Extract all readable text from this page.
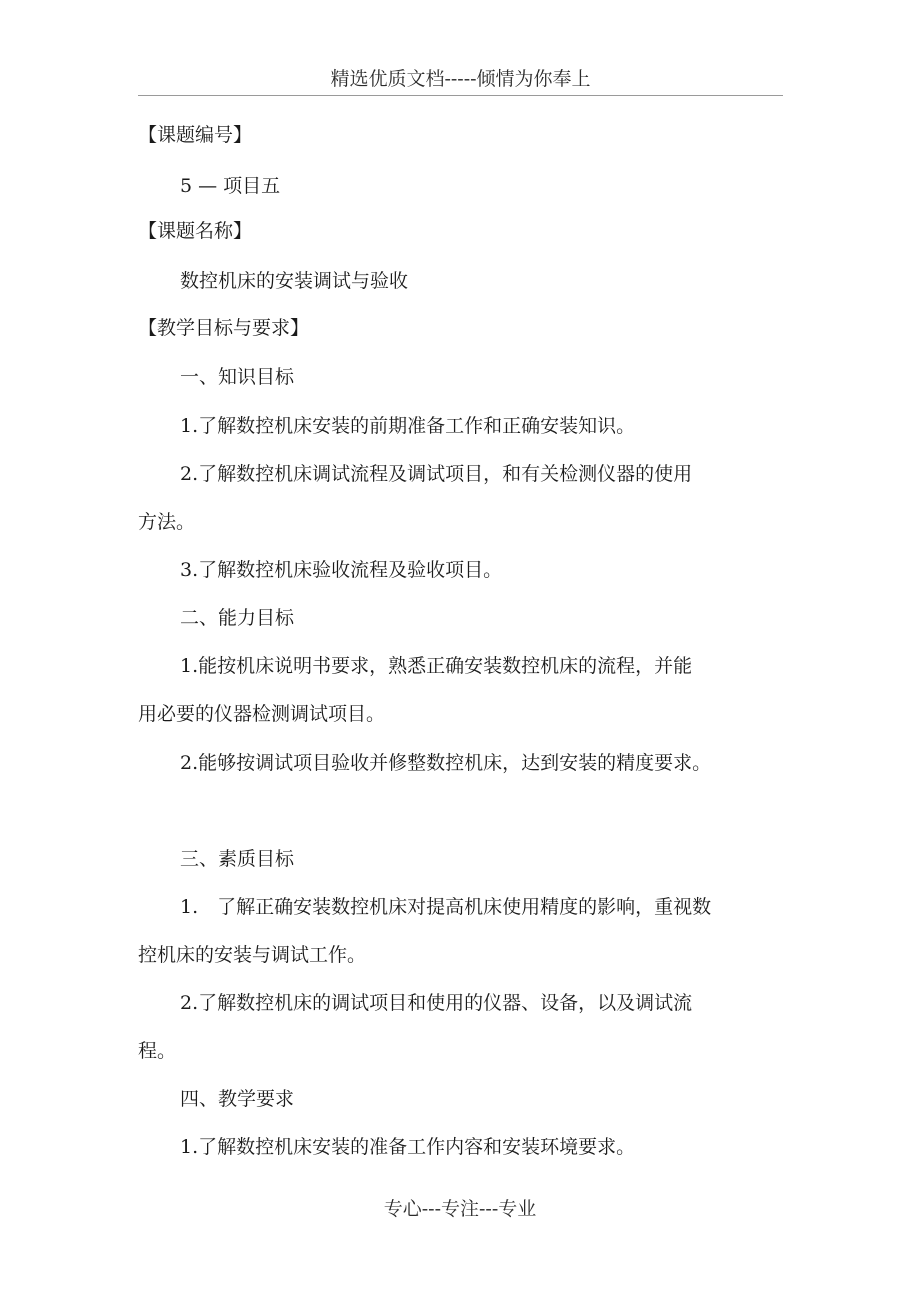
精选优质文档-----倾情为你奉上
【课题编号】
5 — 项目五
【课题名称】
数控机床的安装调试与验收
【教学目标与要求】
一、知识目标
1.了解数控机床安装的前期准备工作和正确安装知识。
2.了解数控机床调试流程及调试项目，和有关检测仪器的使用
方法。
3.了解数控机床验收流程及验收项目。
二、能力目标
1.能按机床说明书要求，熟悉正确安装数控机床的流程，并能
用必要的仪器检测调试项目。
2.能够按调试项目验收并修整数控机床，达到安装的精度要求。
三、素质目标
1.　了解正确安装数控机床对提高机床使用精度的影响，重视数
控机床的安装与调试工作。
2.了解数控机床的调试项目和使用的仪器、设备，以及调试流
程。
四、教学要求
1.了解数控机床安装的准备工作内容和安装环境要求。
专心---专注---专业
